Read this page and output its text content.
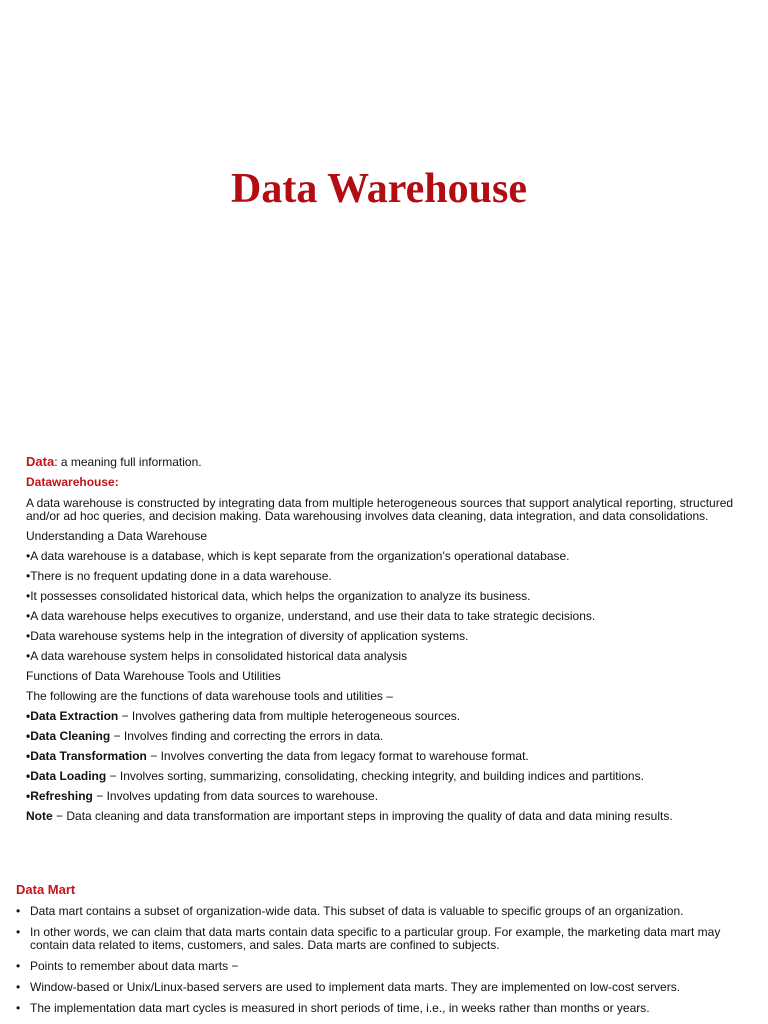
Data Warehouse
Data: a meaning full information.
Datawarehouse:
A data warehouse is constructed by integrating data from multiple heterogeneous sources that support analytical reporting, structured and/or ad hoc queries, and decision making. Data warehousing involves data cleaning, data integration, and data consolidations.
Understanding a Data Warehouse
•A data warehouse is a database, which is kept separate from the organization's operational database.
•There is no frequent updating done in a data warehouse.
•It possesses consolidated historical data, which helps the organization to analyze its business.
•A data warehouse helps executives to organize, understand, and use their data to take strategic decisions.
•Data warehouse systems help in the integration of diversity of application systems.
•A data warehouse system helps in consolidated historical data analysis
Functions of Data Warehouse Tools and Utilities
The following are the functions of data warehouse tools and utilities –
•Data Extraction − Involves gathering data from multiple heterogeneous sources.
•Data Cleaning − Involves finding and correcting the errors in data.
•Data Transformation − Involves converting the data from legacy format to warehouse format.
•Data Loading − Involves sorting, summarizing, consolidating, checking integrity, and building indices and partitions.
•Refreshing − Involves updating from data sources to warehouse.
Note − Data cleaning and data transformation are important steps in improving the quality of data and data mining results.
Data Mart
• Data mart contains a subset of organization-wide data. This subset of data is valuable to specific groups of an organization.
• In other words, we can claim that data marts contain data specific to a particular group. For example, the marketing data mart may contain data related to items, customers, and sales. Data marts are confined to subjects.
• Points to remember about data marts −
• Window-based or Unix/Linux-based servers are used to implement data marts. They are implemented on low-cost servers.
• The implementation data mart cycles is measured in short periods of time, i.e., in weeks rather than months or years.
